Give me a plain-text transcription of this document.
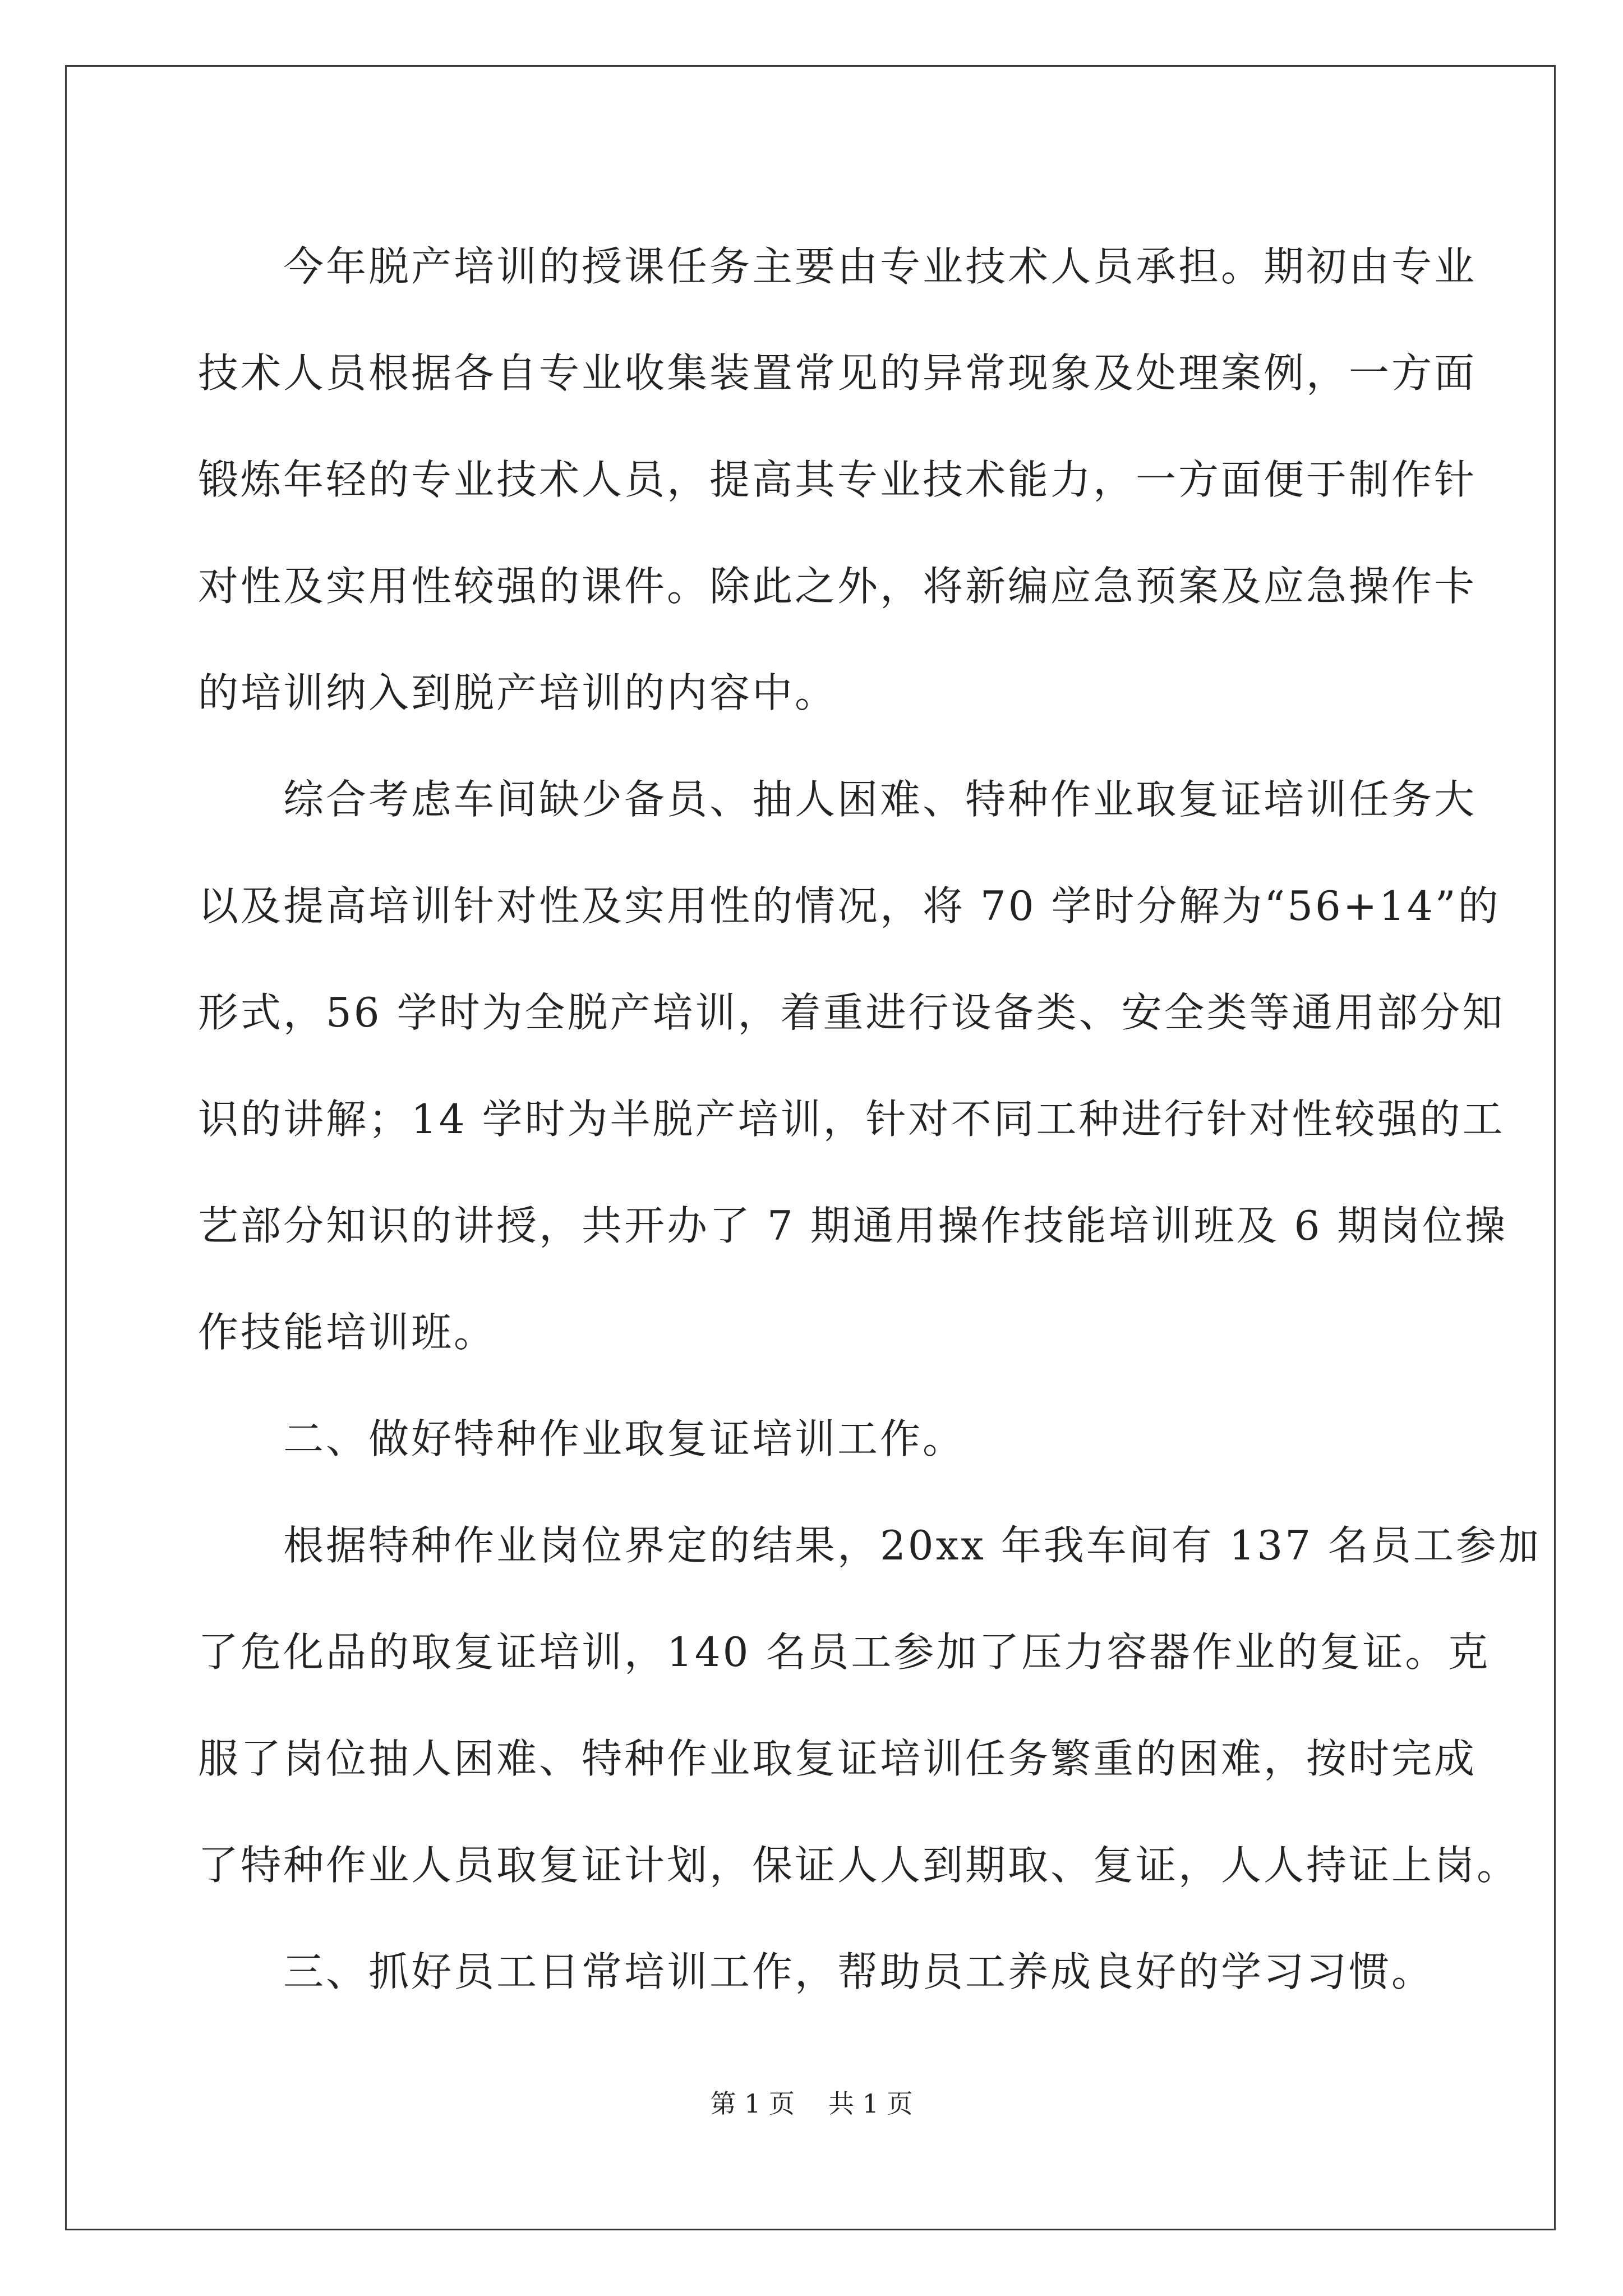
　　今年脱产培训的授课任务主要由专业技术人员承担。期初由专业
技术人员根据各自专业收集装置常见的异常现象及处理案例，一方面
锻炼年轻的专业技术人员，提高其专业技术能力，一方面便于制作针
对性及实用性较强的课件。除此之外，将新编应急预案及应急操作卡
的培训纳入到脱产培训的内容中。
　　综合考虑车间缺少备员、抽人困难、特种作业取复证培训任务大
以及提高培训针对性及实用性的情况，将 70 学时分解为“56+14”的
形式，56 学时为全脱产培训，着重进行设备类、安全类等通用部分知
识的讲解；14 学时为半脱产培训，针对不同工种进行针对性较强的工
艺部分知识的讲授，共开办了 7 期通用操作技能培训班及 6 期岗位操
作技能培训班。
　　二、做好特种作业取复证培训工作。
　　根据特种作业岗位界定的结果，20xx 年我车间有 137 名员工参加
了危化品的取复证培训，140 名员工参加了压力容器作业的复证。克
服了岗位抽人困难、特种作业取复证培训任务繁重的困难，按时完成
了特种作业人员取复证计划，保证人人到期取、复证，人人持证上岗。
　　三、抓好员工日常培训工作，帮助员工养成良好的学习习惯。
第 1 页 共 1 页
